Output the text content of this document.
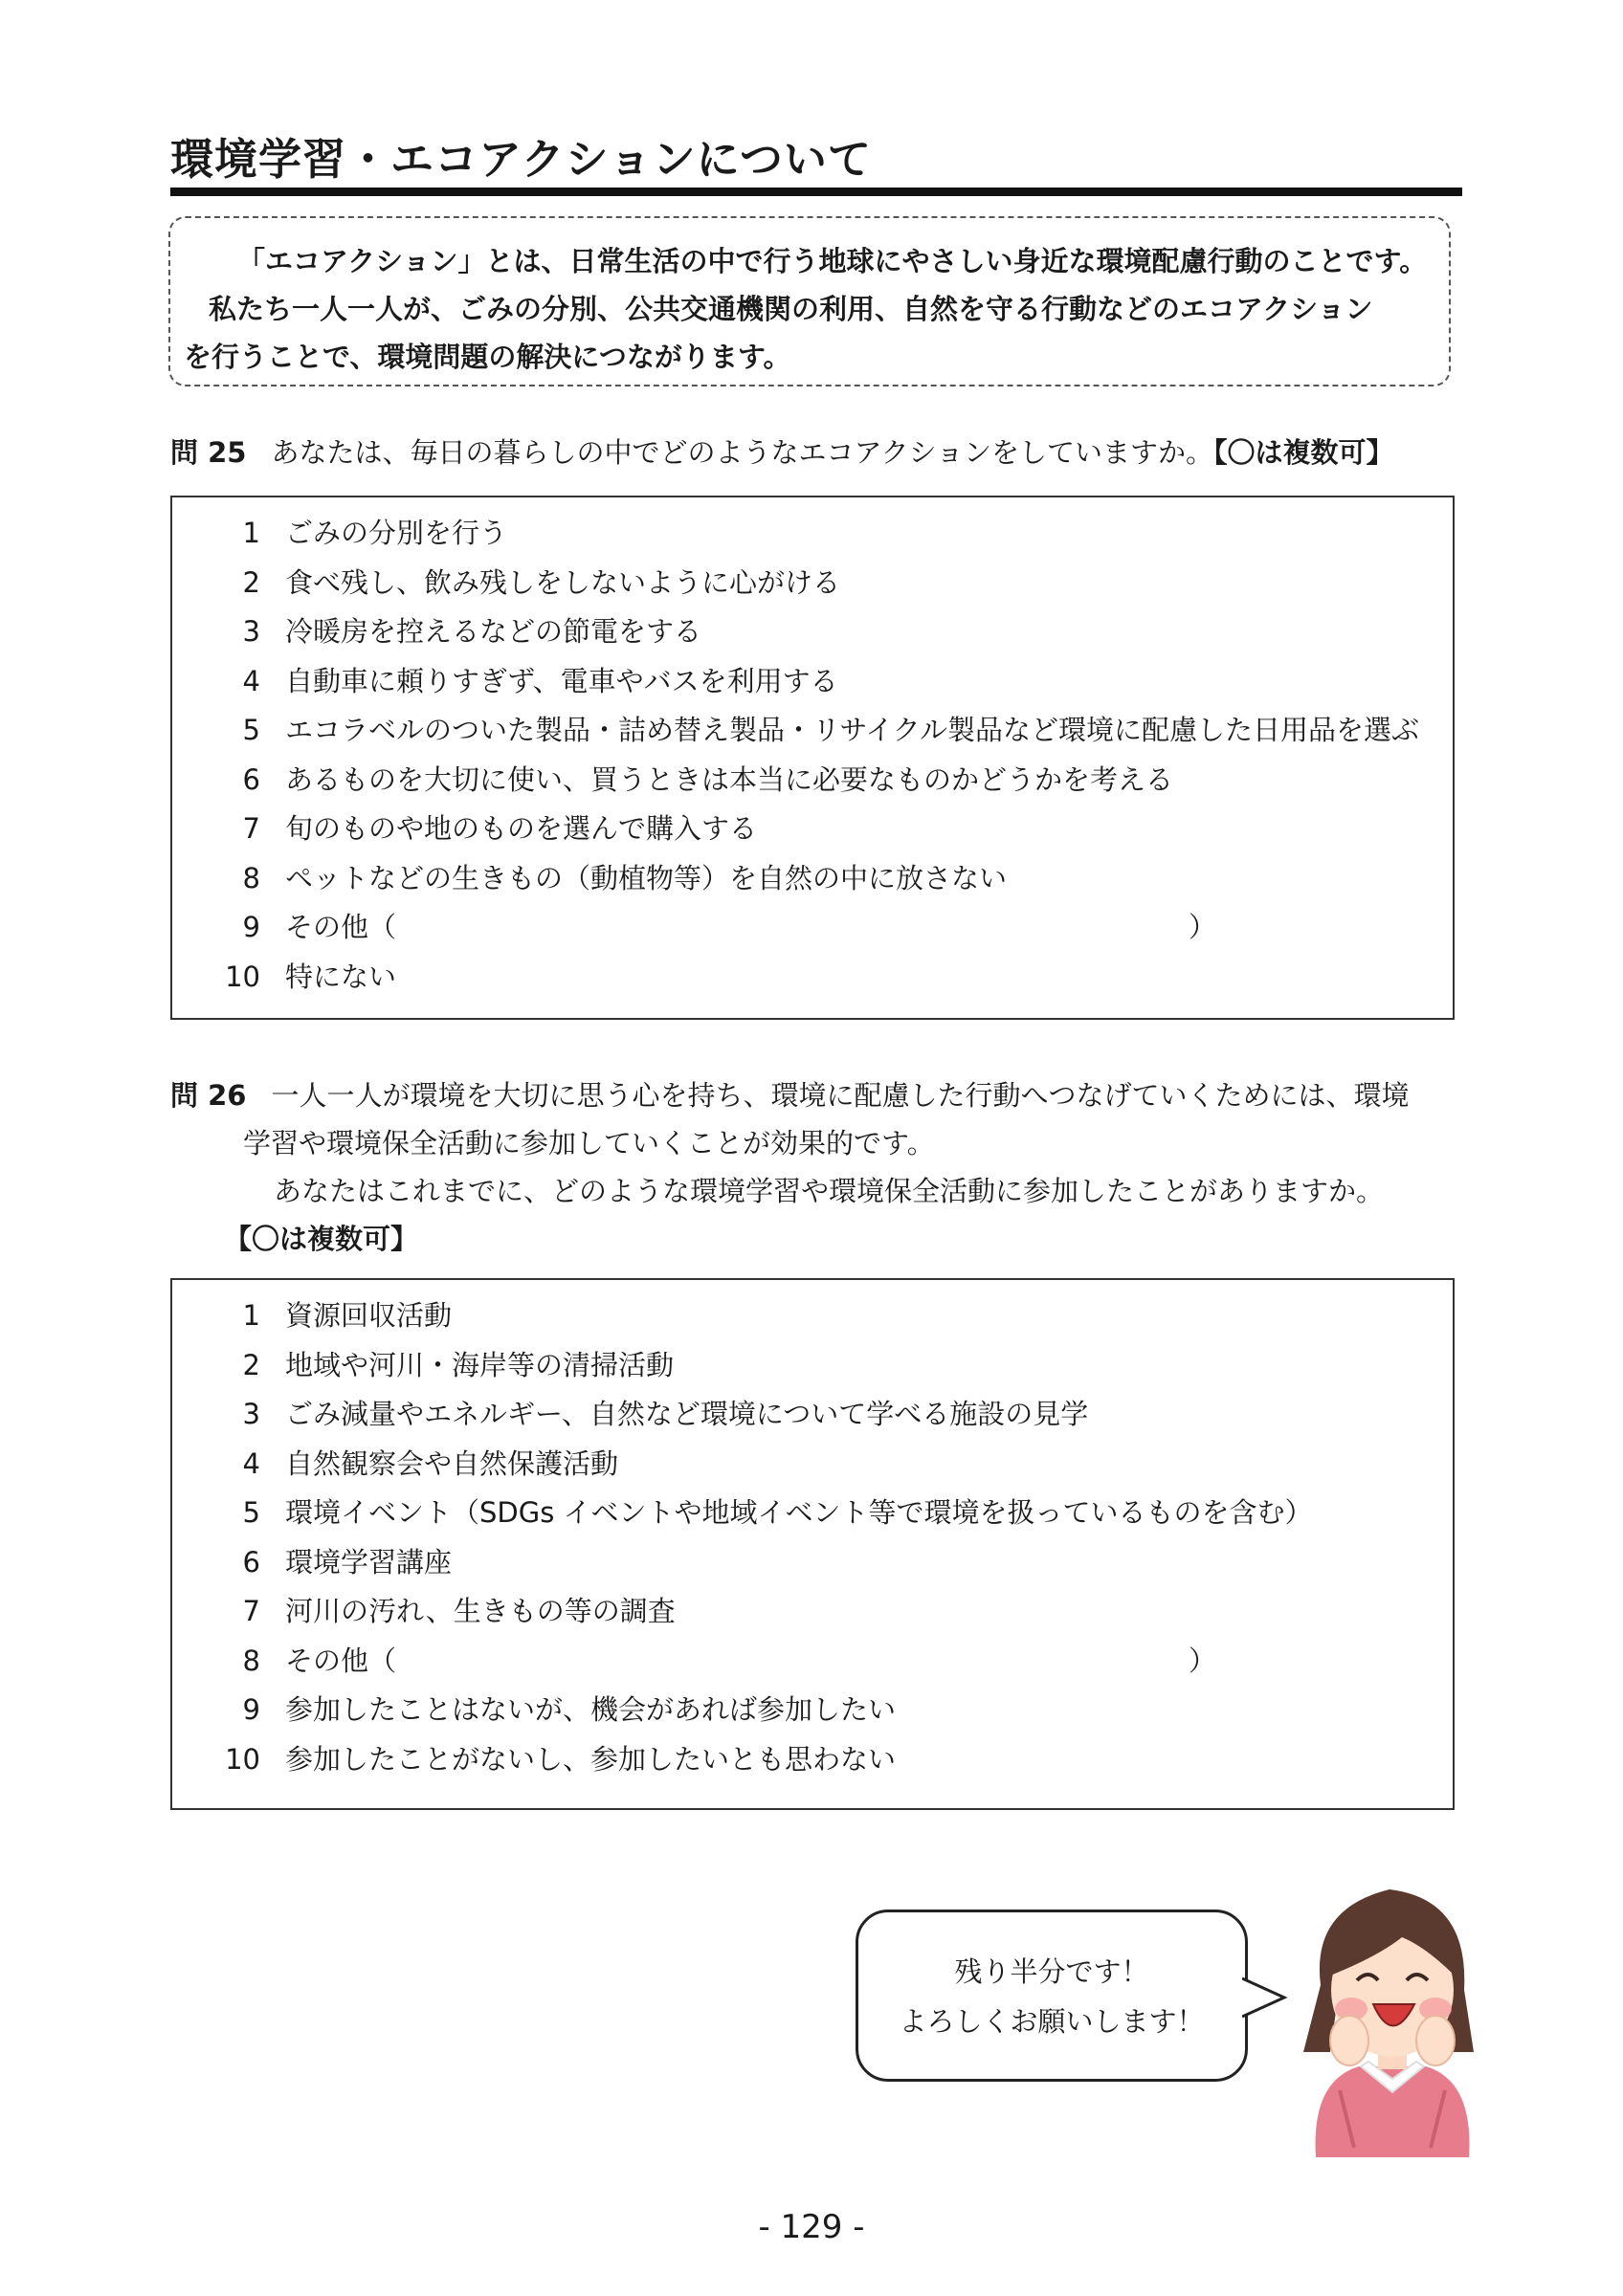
環境学習・エコアクションについて

「エコアクション」とは、日常生活の中で行う地球にやさしい身近な環境配慮行動のことです。

私たち一人一人が、ごみの分別、公共交通機関の利用、自然を守る行動などのエコアクション

を行うことで、環境問題の解決につながります。

問 25 あなたは、毎日の暮らしの中でどのようなエコアクションをしていますか。【〇は複数可】

1 ごみの分別を行う
2 食べ残し、飲み残しをしないように心がける
3 冷暖房を控えるなどの節電をする
4 自動車に頼りすぎず、電車やバスを利用する
5 エコラベルのついた製品・詰め替え製品・リサイクル製品など環境に配慮した日用品を選ぶ
6 あるものを大切に使い、買うときは本当に必要なものかどうかを考える
7 旬のものや地のものを選んで購入する
8 ペットなどの生きもの（動植物等）を自然の中に放さない
9 その他（	）
10 特にない
問 26 一人一人が環境を大切に思う心を持ち、環境に配慮した行動へつなげていくためには、環境
学習や環境保全活動に参加していくことが効果的です。
あなたはこれまでに、どのような環境学習や環境保全活動に参加したことがありますか。
【〇は複数可】
1 資源回収活動
2 地域や河川・海岸等の清掃活動
3 ごみ減量やエネルギー、自然など環境について学べる施設の見学
4 自然観察会や自然保護活動
5 環境イベント（SDGs イベントや地域イベント等で環境を扱っているものを含む）
6 環境学習講座
7 河川の汚れ、生きもの等の調査
8 その他（	）
9 参加したことはないが、機会があれば参加したい
10 参加したことがないし、参加したいとも思わない

残り半分です！

よろしくお願いします！

- 129 -
